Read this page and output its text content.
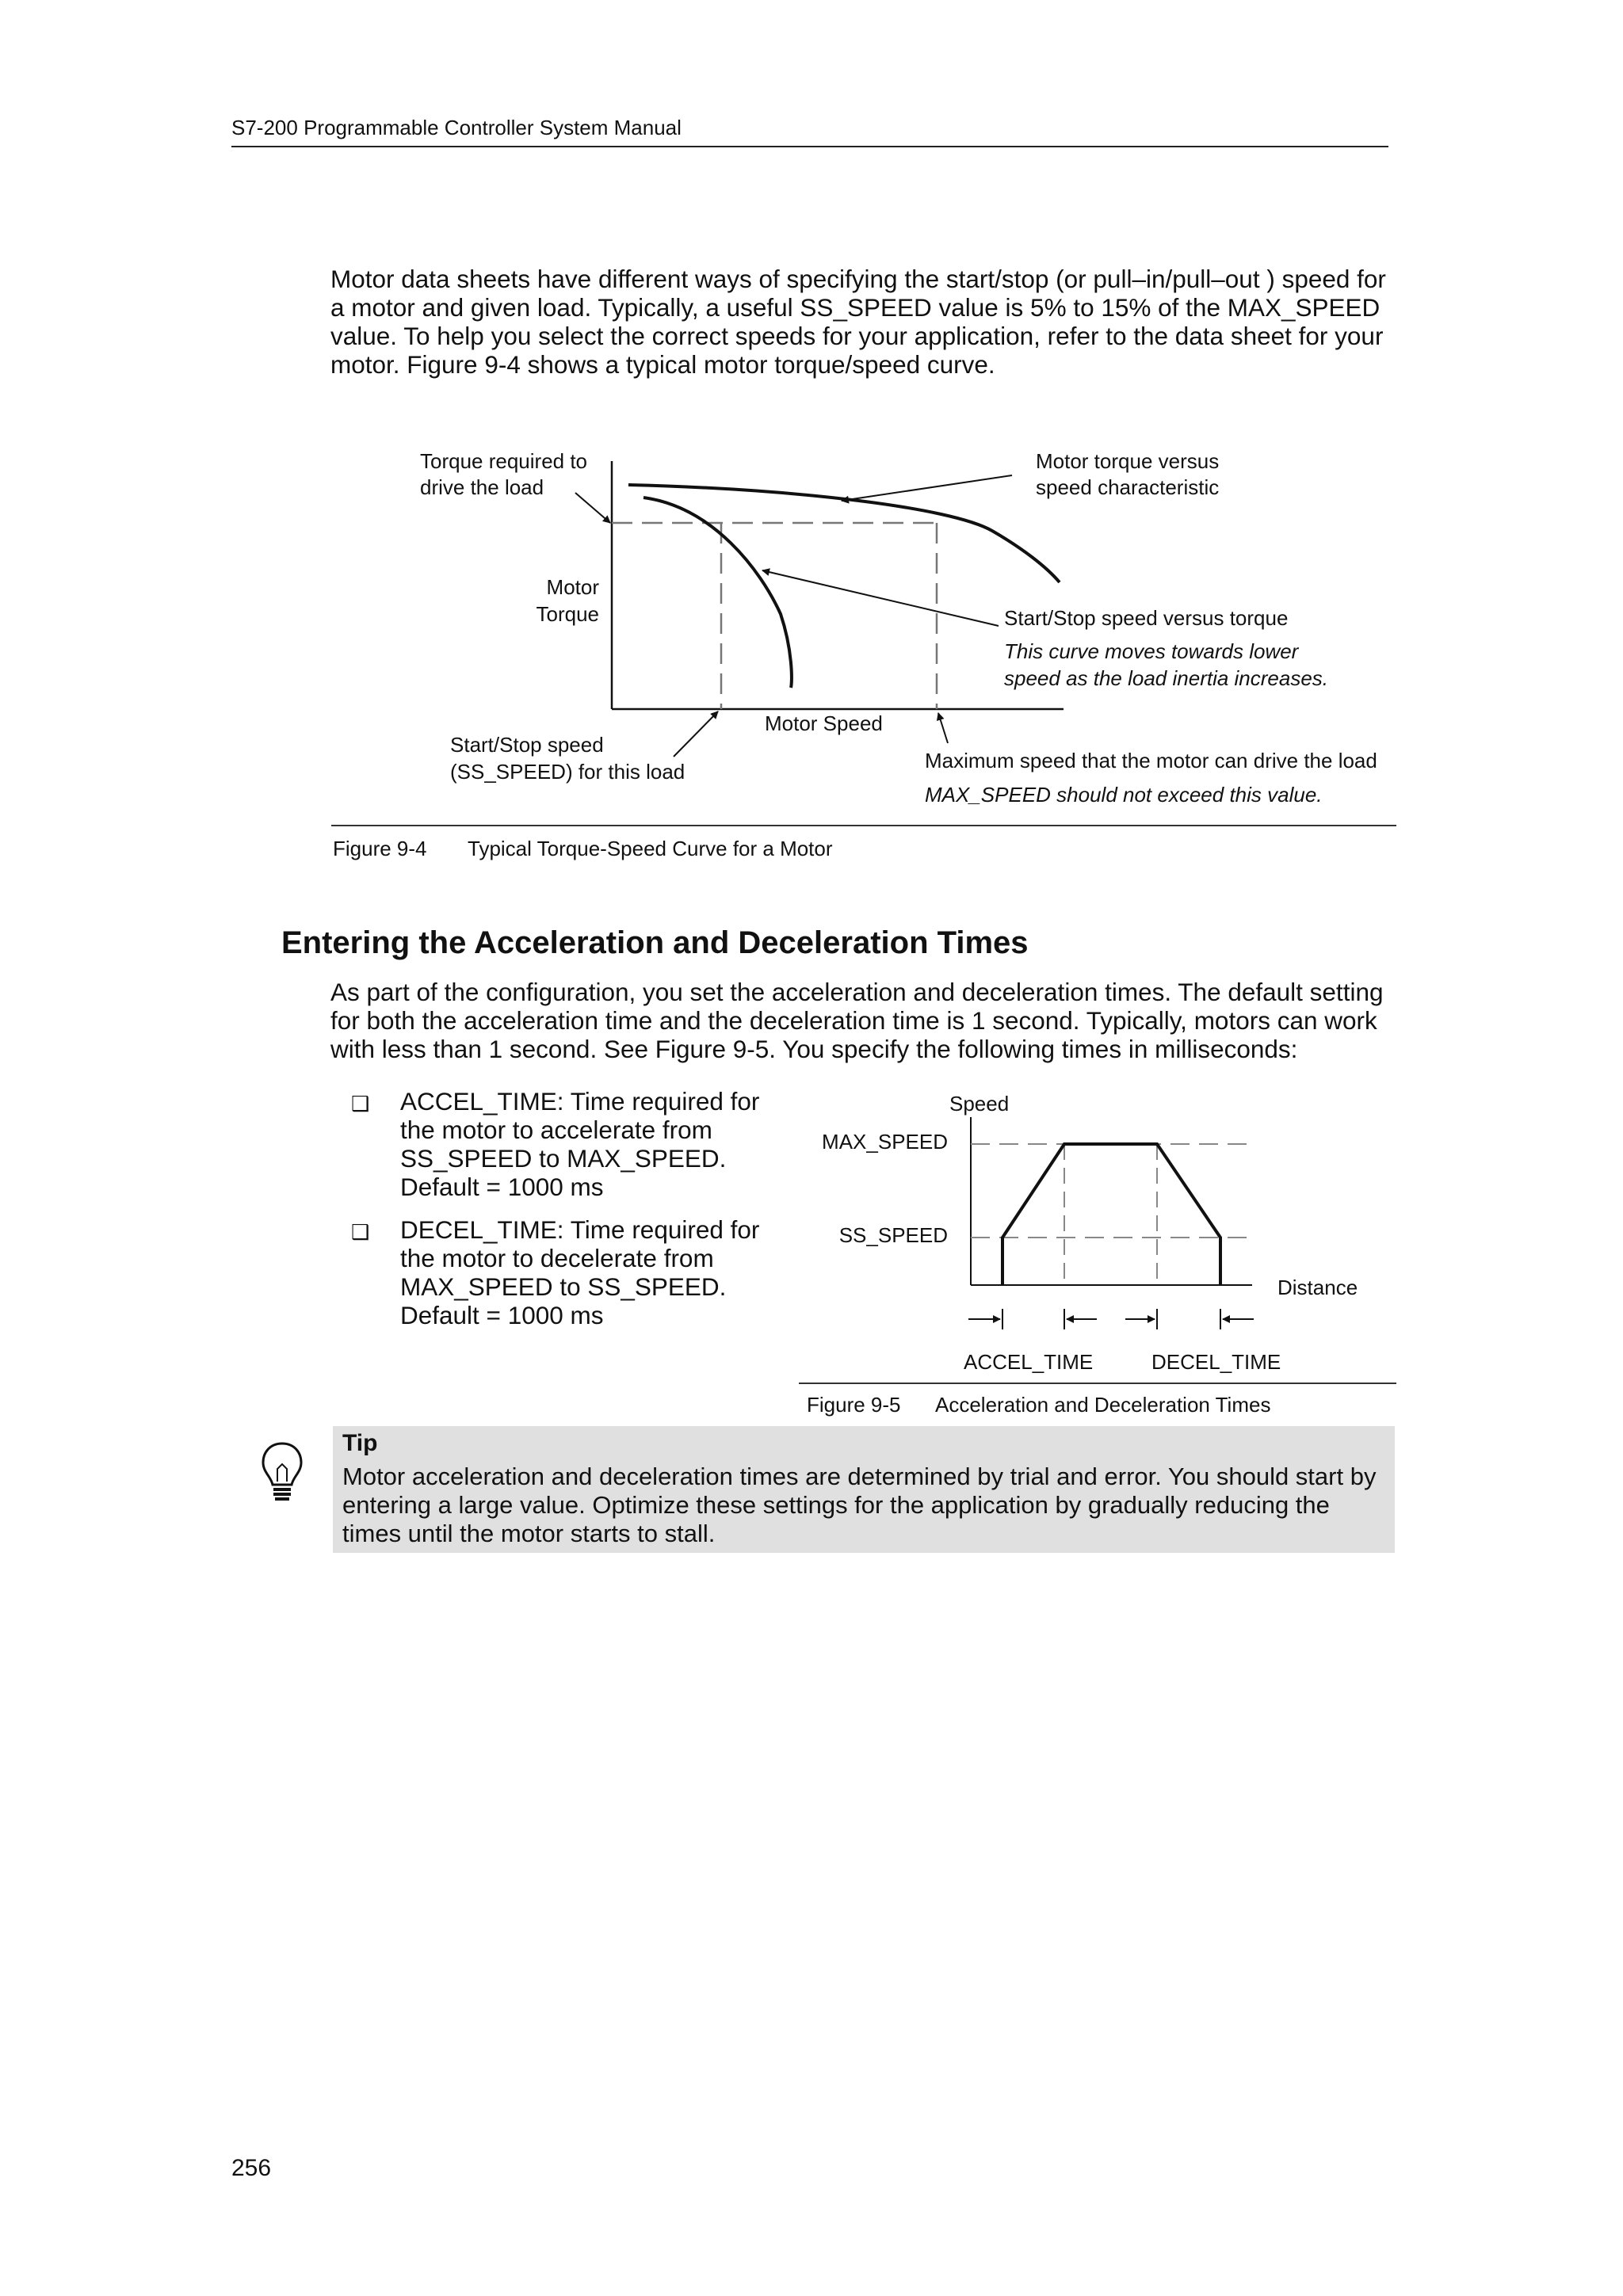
S7-200 Programmable Controller System Manual
Motor data sheets have different ways of specifying the start/stop (or pull–in/pull–out ) speed for a motor and given load. Typically, a useful SS_SPEED value is 5% to 15% of the MAX_SPEED value. To help you select the correct speeds for your application, refer to the data sheet for your motor. Figure 9-4 shows a typical motor torque/speed curve.
Torque required to
drive the load
Motor torque versus
speed characteristic
Motor
Torque	Start/Stop speed versus torque
This curve moves towards lower
speed as the load inertia increases.
Motor Speed
Start/Stop speed
(SS_SPEED) for this load	Maximum speed that the motor can drive the load
MAX_SPEED should not exceed this value.
Figure 9-4 Typical Torque-Speed Curve for a Motor
Entering the Acceleration and Deceleration Times
As part of the configuration, you set the acceleration and deceleration times. The default setting for both the acceleration time and the deceleration time is 1 second. Typically, motors can work with less than 1 second. See Figure 9-5. You specify the following times in milliseconds:
❑ ACCEL_TIME: Time required for the motor to accelerate from SS_SPEED to MAX_SPEED. Default = 1000 ms
❑ DECEL_TIME: Time required for the motor to decelerate from MAX_SPEED to SS_SPEED. Default = 1000 ms
Speed
MAX_SPEED
SS_SPEED
Distance
ACCEL_TIME	DECEL_TIME
Figure 9-5 Acceleration and Deceleration Times
Tip
Motor acceleration and deceleration times are determined by trial and error. You should start by entering a large value. Optimize these settings for the application by gradually reducing the times until the motor starts to stall.
256
